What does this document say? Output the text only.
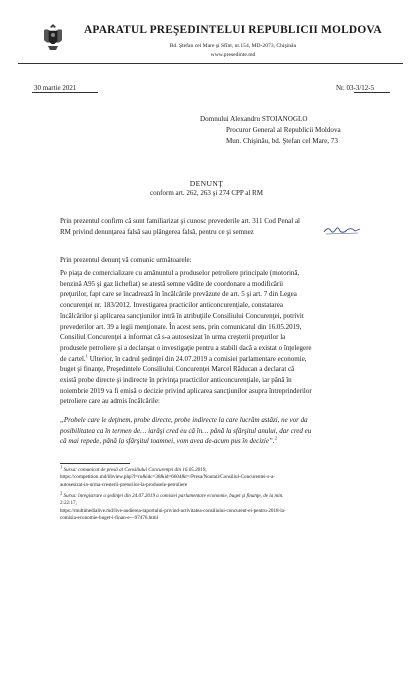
APARATUL PREŞEDINTELUI REPUBLICII MOLDOVA
Bd. Ştefan cel Mare şi Sfînt, nr.154, MD-2073, Chişinău
www.presedinte.md
30 martie 2021	Nr. 03-3/12-5
Domnului Alexandru STOIANOGLO
Procuror General al Republicii Moldova
Mun. Chişinău, bd. Ştefan cel Mare, 73
DENUNŢ
conform art. 262, 263 şi 274 CPP al RM
Prin prezentul confirm că sunt familiarizat şi cunosc prevederile art. 311 Cod Penal al
RM privind denunţarea falsă sau plângerea falsă, pentru ce şi semnez
Prin prezentul denunţ vă comunic următoarele:
Pe piaţa de comercializare cu amănuntul a produselor petroliere principale (motorină,
benzină A95 şi gaz lichefiat) se atestă semne vădite de coordonare a modificării
preţurilor, fapt care se încadrează în încălcările prevăzute de art. 5 şi art. 7 din Legea
concurenţei nr. 183/2012. Investigarea practicilor anticoncurenţiale, constatarea
încălcărilor şi aplicarea sancţiunilor intră în atribuţiile Consiliului Concurenţei, potrivit
prevederilor art. 39 a legii menţionate. În acest sens, prin comunicatul din 16.05.2019,
Consiliul Concurenţei a informat că s-a autosesizat în urma creşterii preţurilor la
produsele petroliere şi a declanşat o investigaţie pentru a stabili dacă a existat o înţelegere
de cartel.$^1$ Ulterior, în cadrul şedinţei din 24.07.2019 a comisiei parlamentare economie,
buget şi finanţe, Preşedintele Consiliului Concurenţei Marcel Răducan a declarat că
există probe directe şi indirecte în privinţa practicilor anticoncurenţiale, iar până în
noiembrie 2019 va fi emisă o decizie privind aplicarea sancţiunilor asupra întreprinderilor
petroliere care au admis încălcările:
„Probele care le deţinem, probe directe, probe indirecte la care lucrăm astăzi, ne vor da
posibilitatea ca în termen de… iarăşi cred eu că în… până la sfârşitul anului, dar cred eu
că mai repede, până la sfârşitul toamnei, vom avea de-acum pus în decizie”.$^2$
$^1$ Sursa: comunicat de presă al Consiliului Concurenţei din 16.05.2019,
https://competition.md/libview.php?l=ro&idc=38&id=6604&t=/Presa/Noutati/Consiliul-Concurentei-s-a-
autosesizat-in-urma-cresterii-preturilor-la-produsele-petroliere
$^2$ Sursa: înregistrare a şedinţei din 24.07.2019 a comisiei parlamentare economie, buget şi finanţe, de la min.
2:22:17,
https://multimedialive.md/live-audierea-raportului-privind-activitatea-consiliului-concurent-ei-pentru-2018-la-
comisia-economie-buget-i-finan-e---97476.html
